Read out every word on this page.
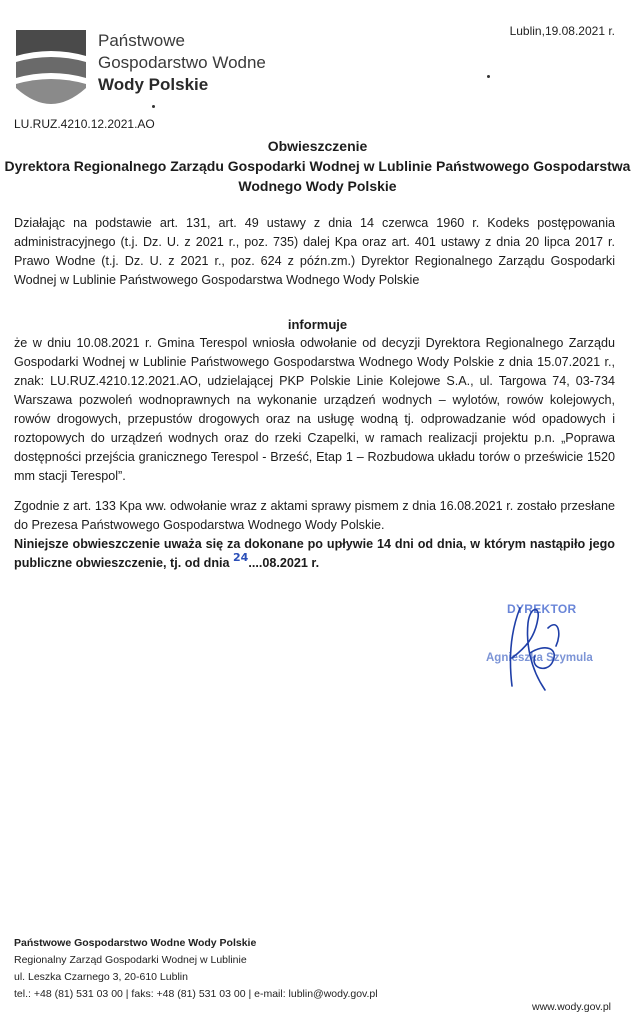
Państwowe
Gospodarstwo Wodne
Wody Polskie
Lublin,19.08.2021 r.
LU.RUZ.4210.12.2021.AO
Obwieszczenie
Dyrektora Regionalnego Zarządu Gospodarki Wodnej w Lublinie Państwowego Gospodarstwa
Wodnego Wody Polskie
Działając na podstawie art. 131, art. 49 ustawy z dnia 14 czerwca 1960 r. Kodeks postępowania administracyjnego (t.j. Dz. U. z 2021 r., poz. 735) dalej Kpa oraz art. 401 ustawy z dnia 20 lipca 2017 r. Prawo Wodne (t.j. Dz. U. z 2021 r., poz. 624 z późn.zm.) Dyrektor Regionalnego Zarządu Gospodarki Wodnej w Lublinie Państwowego Gospodarstwa Wodnego Wody Polskie
informuje
że w dniu 10.08.2021 r. Gmina Terespol wniosła odwołanie od decyzji Dyrektora Regionalnego Zarządu Gospodarki Wodnej w Lublinie Państwowego Gospodarstwa Wodnego Wody Polskie z dnia 15.07.2021 r., znak: LU.RUZ.4210.12.2021.AO, udzielającej PKP Polskie Linie Kolejowe S.A., ul. Targowa 74, 03-734 Warszawa pozwoleń wodnoprawnych na wykonanie urządzeń wodnych – wylotów, rowów kolejowych, rowów drogowych, przepustów drogowych oraz na usługę wodną tj. odprowadzanie wód opadowych i roztopowych do urządzeń wodnych oraz do rzeki Czapelki, w ramach realizacji projektu p.n. „Poprawa dostępności przejścia granicznego Terespol - Brześć, Etap 1 – Rozbudowa układu torów o prześwicie 1520 mm stacji Terespol”.
Zgodnie z art. 133 Kpa ww. odwołanie wraz z aktami sprawy pismem z dnia 16.08.2021 r. zostało przesłane do Prezesa Państwowego Gospodarstwa Wodnego Wody Polskie.
Niniejsze obwieszczenie uważa się za dokonane po upływie 14 dni od dnia, w którym nastąpiło jego publiczne obwieszczenie, tj. od dnia 24....08.2021 r.
DYREKTOR
Agnieszka Szymula
Państwowe Gospodarstwo Wodne Wody Polskie
Regionalny Zarząd Gospodarki Wodnej w Lublinie
ul. Leszka Czarnego 3, 20-610 Lublin
tel.: +48 (81) 531 03 00 | faks: +48 (81) 531 03 00 | e-mail: lublin@wody.gov.pl
www.wody.gov.pl
